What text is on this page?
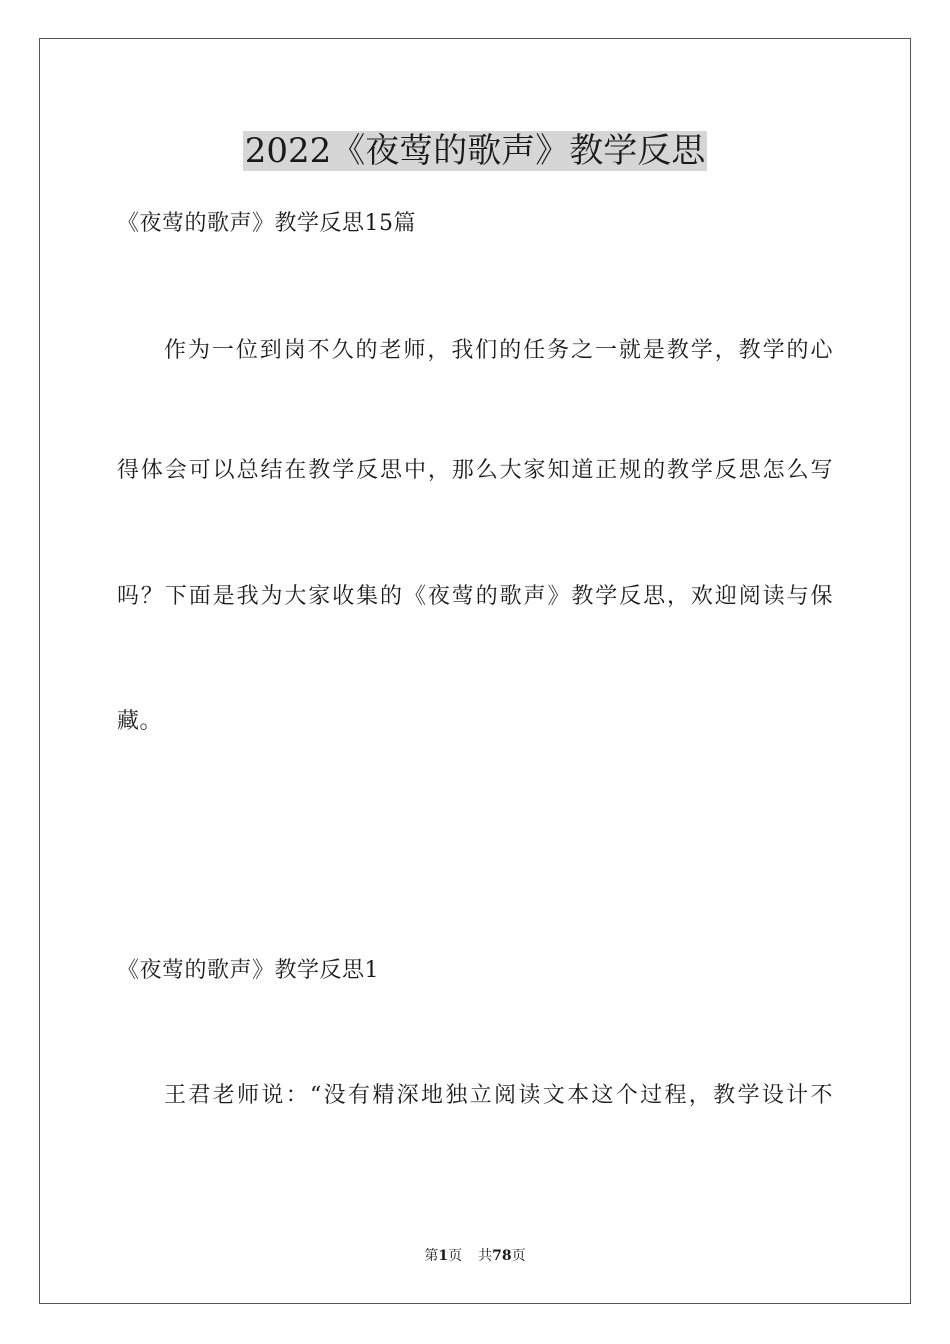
2022《夜莺的歌声》教学反思

《夜莺的歌声》教学反思15篇

作为一位到岗不久的老师，我们的任务之一就是教学，教学的心

得体会可以总结在教学反思中，那么大家知道正规的教学反思怎么写

吗？下面是我为大家收集的《夜莺的歌声》教学反思，欢迎阅读与保

藏。

《夜莺的歌声》教学反思1

王君老师说：“没有精深地独立阅读文本这个过程，教学设计不

第1页 共78页
